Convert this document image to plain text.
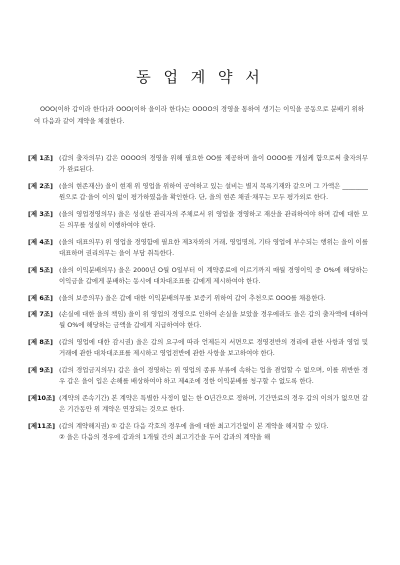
동 업 계 약 서
OOO(이하 갑이라 한다)과 OOO(이하 을이라 한다)는 OOOO의 경영을 통하여 생기는 이익을 공동으로 분배키 위하여 다음과 같이 계약을 체결한다.
[제 1조] (갑의 출자의무) 갑은 OOOO의 경영을 위해 필요한 OO를 제공하며 을이 OOOO를 개설케 함으로써 출자의무가 완료된다.
[제 2조] (을의 현존재산) 을이 현재 위 영업을 위하여 공여하고 있는 설비는 별지 목록기재와 같으며 그 가액은 ________ 원으로 갑·을이 이의 없이 평가하였음을 확인한다. 단, 을의 현존 채권·채무는 모두 평가외로 한다.
[제 3조] (을의 영업경영의무) 을은 성실한 관리자의 주체로서 위 영업을 경영하고 재산을 관리하여야 하며 갑에 대한 모든 의무를 성실히 이행하여야 한다.
[제 4조] (을의 대표의무) 위 영업을 경영함에 필요한 제3자와의 거래, 영업명의, 기타 영업에 부수되는 행위는 을이 이를 대표하며 권리의무는 을이 부담 취득한다.
[제 5조] (을의 이익분배의무) 을은 2000년 O월 O일부터 이 계약종료에 이르기까지 매월 경영이익 중 O%에 해당하는 이익금을 갑에게 분배하는 동시에 대차대조표를 갑에게 제시하여야 한다.
[제 6조] (을의 보증의무) 을은 갑에 대한 이익분배의무를 보증키 위하여 갑이 추천으로 OOO를 채용한다.
[제 7조] (손실에 대한 을의 책임) 을이 위 영업의 경영으로 인하여 손실을 보았을 경우에라도 을은 갑의 출자액에 대하여 월 O%에 해당하는 금액을 갑에게 지급하여야 한다.
[제 8조] (갑의 영업에 대한 감시권) 을은 갑의 요구에 따라 언제든지 서면으로 경영전반의 경리에 관한 사항과 영업 및 거래에 관한 대차대조표를 제시하고 영업전반에 관한 사항을 보고하여야 한다.
[제 9조] (갑의 경업금지의무) 갑은 을이 경영하는 위 영업의 종류 부류에 속하는 업을 겸업할 수 없으며, 이를 위반한 경우 갑은 을이 입은 손해를 배상하여야 하고 제4조에 정한 이익분배를 청구할 수 없도록 한다.
[제10조] (계약의 존속기간) 본 계약은 특별한 사정이 없는 한 O년간으로 정하며, 기간만료의 경우 갑의 이의가 없으면 갈은 기간동안 위 계약은 연장되는 것으로 한다.
[제11조] (갑의 계약해지권) ① 갑은 다음 각호의 경우에 을에 대한 최고기간없이 본 계약을 해지할 수 있다.

② 을은 다음의 경우에 갑과의 1개월 간의 최고기간을 두어 갑과의 계약을 해
